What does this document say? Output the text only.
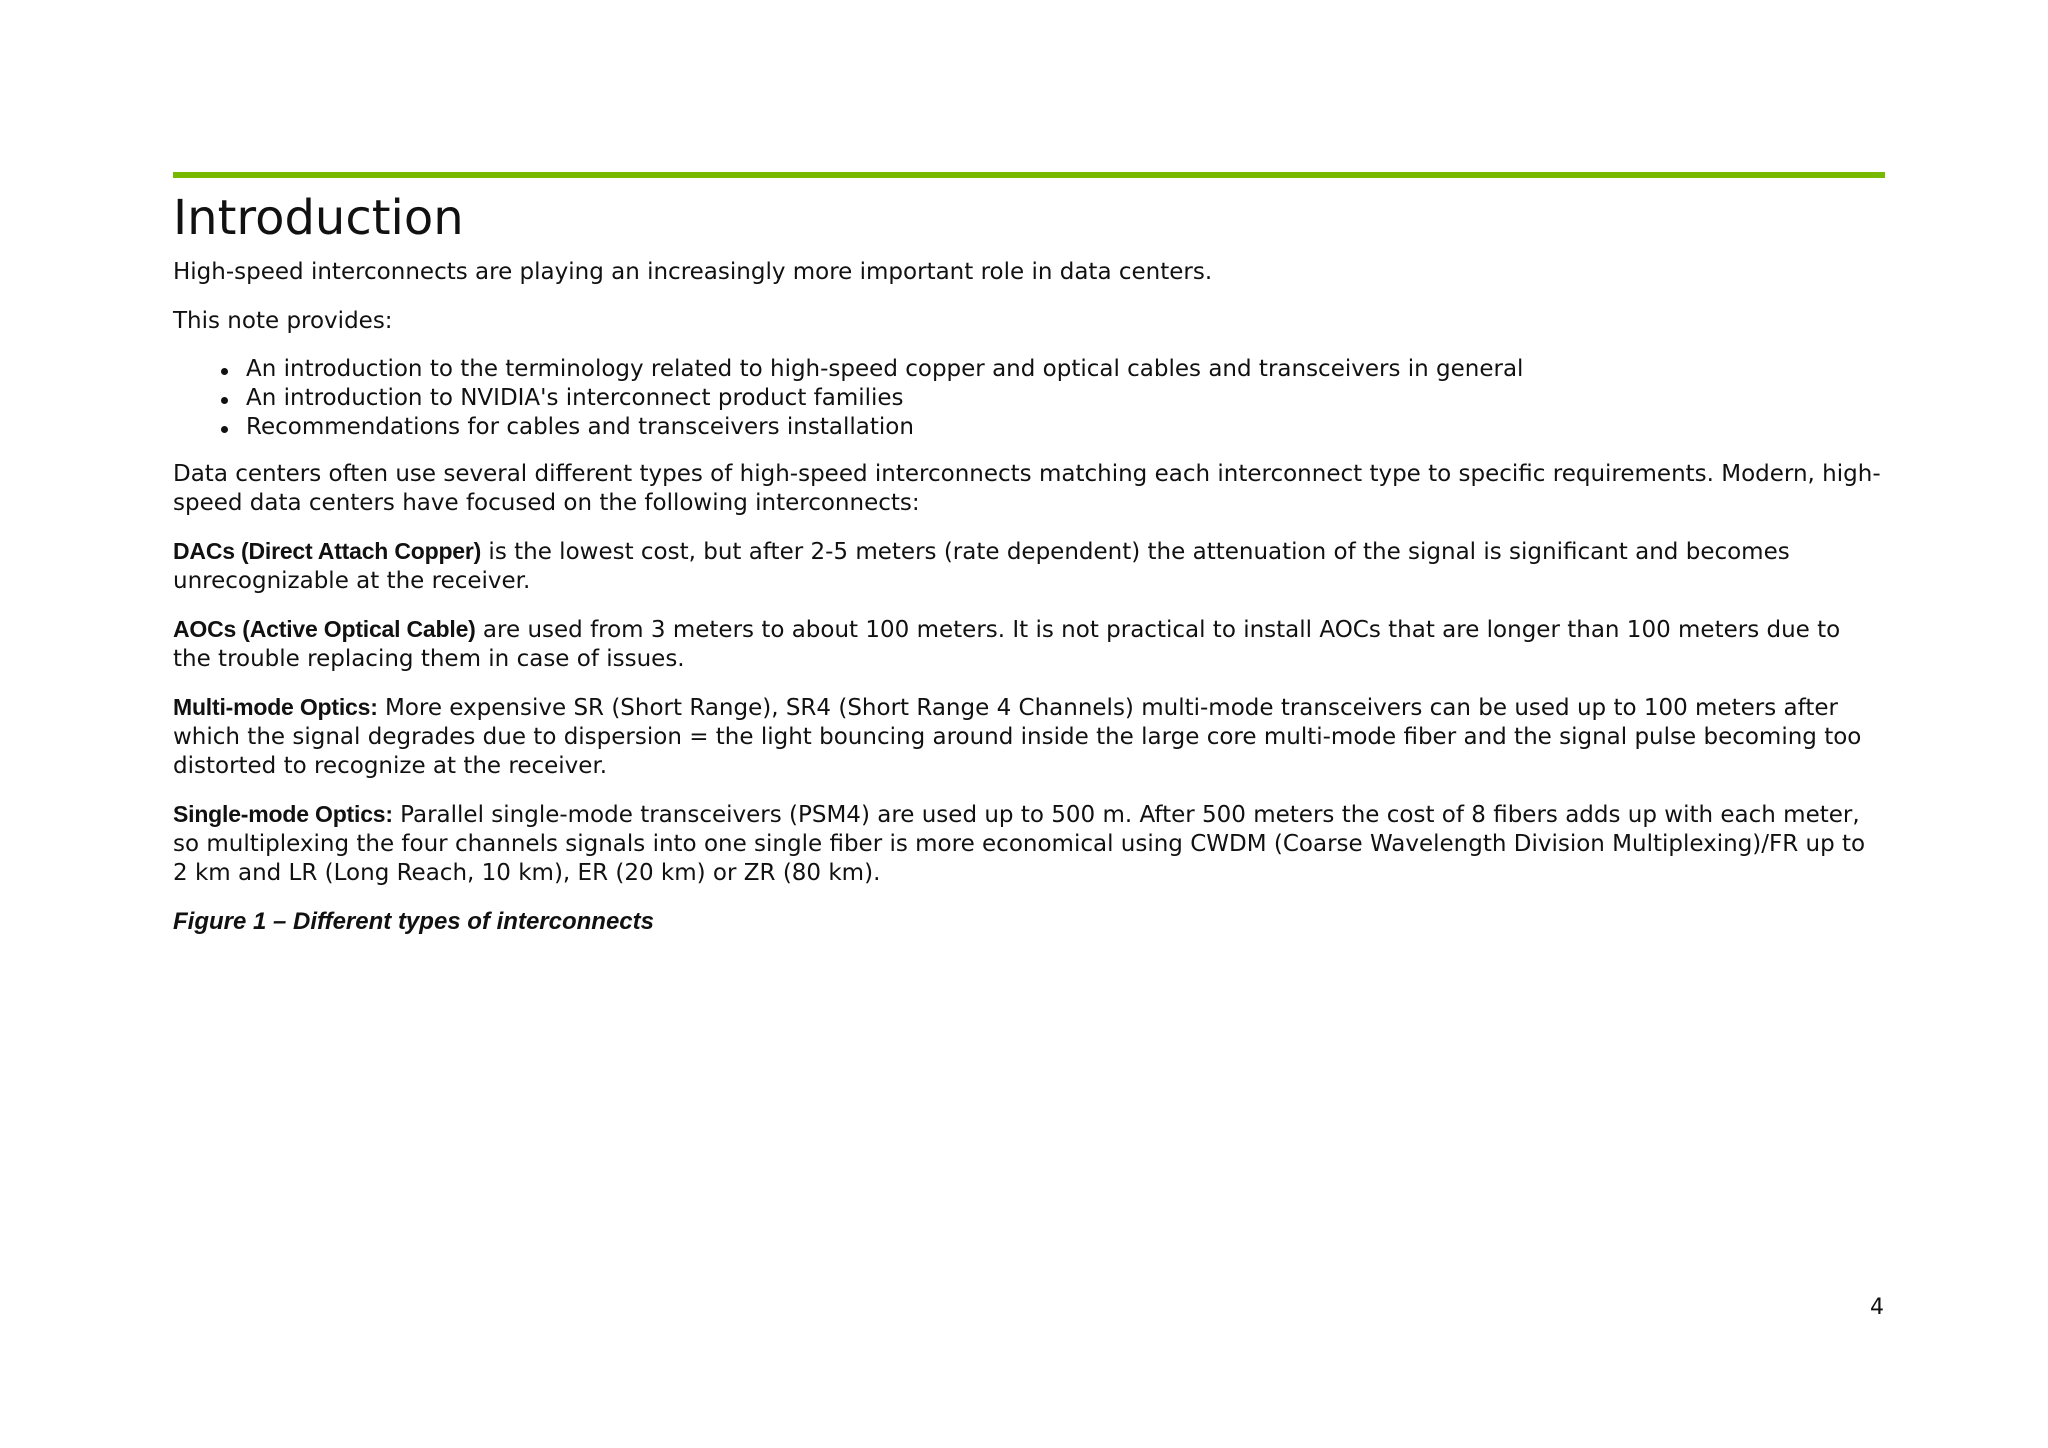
Introduction

High-speed interconnects are playing an increasingly more important role in data centers.

This note provides:

An introduction to the terminology related to high-speed copper and optical cables and transceivers in general
An introduction to NVIDIA's interconnect product families
Recommendations for cables and transceivers installation

Data centers often use several different types of high-speed interconnects matching each interconnect type to specific requirements. Modern, high-speed data centers have focused on the following interconnects:

DACs (Direct Attach Copper) is the lowest cost, but after 2-5 meters (rate dependent) the attenuation of the signal is significant and becomes unrecognizable at the receiver.

AOCs (Active Optical Cable) are used from 3 meters to about 100 meters. It is not practical to install AOCs that are longer than 100 meters due to the trouble replacing them in case of issues.

Multi-mode Optics: More expensive SR (Short Range), SR4 (Short Range 4 Channels) multi-mode transceivers can be used up to 100 meters after which the signal degrades due to dispersion = the light bouncing around inside the large core multi-mode fiber and the signal pulse becoming too distorted to recognize at the receiver.

Single-mode Optics: Parallel single-mode transceivers (PSM4) are used up to 500 m. After 500 meters the cost of 8 fibers adds up with each meter, so multiplexing the four channels signals into one single fiber is more economical using CWDM (Coarse Wavelength Division Multiplexing)/FR up to 2 km and LR (Long Reach, 10 km), ER (20 km) or ZR (80 km).

Figure 1 – Different types of interconnects
4
